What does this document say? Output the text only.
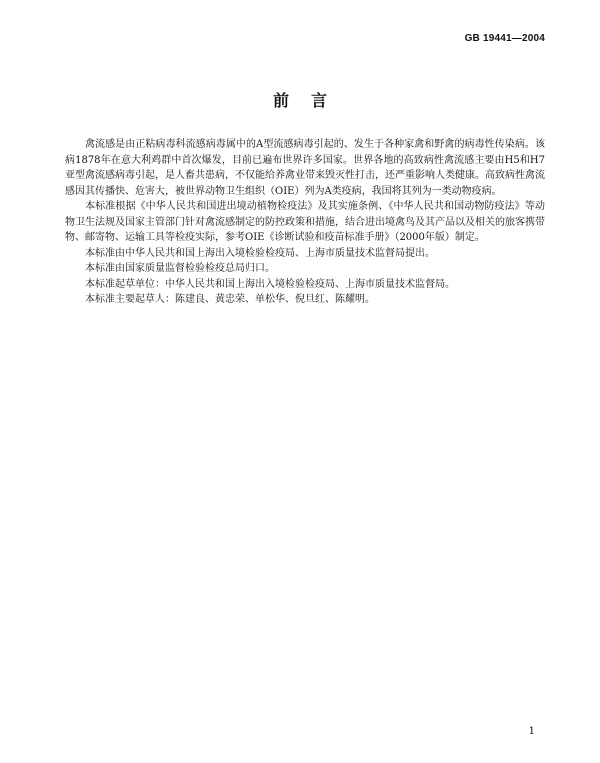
GB 19441—2004
前言

禽流感是由正粘病毒科流感病毒属中的A型流感病毒引起的、发生于各种家禽和野禽的病毒性传染病。该病1878年在意大利鸡群中首次爆发，目前已遍布世界许多国家。世界各地的高致病性禽流感主要由H5和H7亚型禽流感病毒引起，是人畜共患病，不仅能给养禽业带来毁灭性打击，还严重影响人类健康。高致病性禽流感因其传播快、危害大，被世界动物卫生组织（OIE）列为A类疫病，我国将其列为一类动物疫病。

本标准根据《中华人民共和国进出境动植物检疫法》及其实施条例、《中华人民共和国动物防疫法》等动物卫生法规及国家主管部门针对禽流感制定的防控政策和措施，结合进出境禽鸟及其产品以及相关的旅客携带物、邮寄物、运输工具等检疫实际，参考OIE《诊断试验和疫苗标准手册》（2000年版）制定。

本标准由中华人民共和国上海出入境检验检疫局、上海市质量技术监督局提出。

本标准由国家质量监督检验检疫总局归口。

本标准起草单位：中华人民共和国上海出入境检验检疫局、上海市质量技术监督局。

本标准主要起草人：陈建良、黄忠荣、单松华、倪旦红、陈耀明。

1
